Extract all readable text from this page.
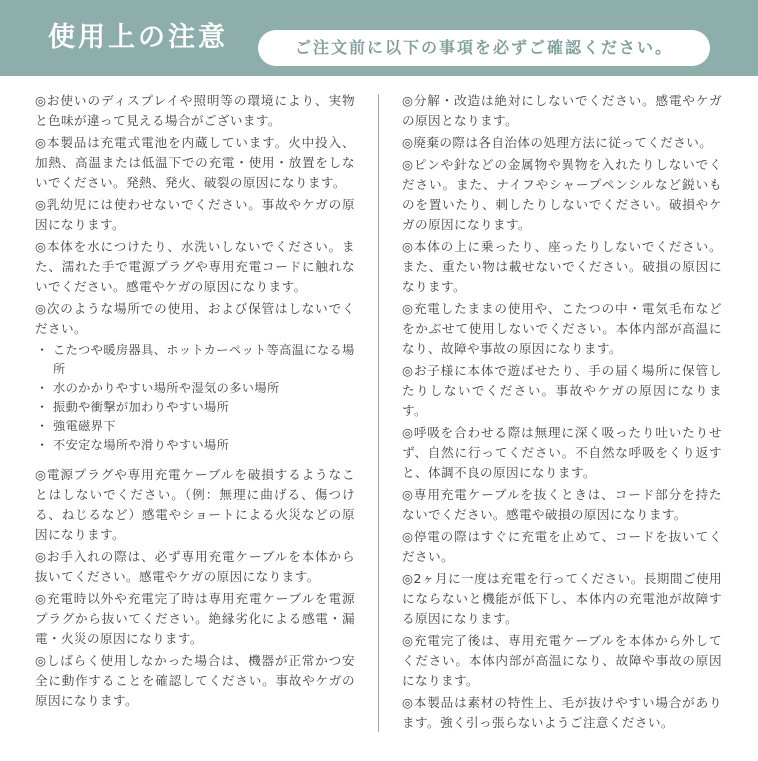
使用上の注意	ご注文前に以下の事項を必ずご確認ください。

◎お使いのディスプレイや照明等の環境により、実物と色味が違って見える場合がございます。

◎本製品は充電式電池を内蔵しています。火中投入、加熱、高温または低温下での充電・使用・放置をしないでください。発熱、発火、破裂の原因になります。

◎乳幼児には使わせないでください。事故やケガの原因になります。

◎本体を水につけたり、水洗いしないでください。また、濡れた手で電源プラグや専用充電コードに触れないでください。感電やケガの原因になります。

◎次のような場所での使用、および保管はしないでください。

・ こたつや暖房器具、ホットカーペット等高温になる場所
・ 水のかかりやすい場所や湿気の多い場所
・ 振動や衝撃が加わりやすい場所
・ 強電磁界下
・ 不安定な場所や滑りやすい場所

◎電源プラグや専用充電ケーブルを破損するようなことはしないでください。（例：無理に曲げる、傷つける、ねじるなど）感電やショートによる火災などの原因になります。

◎お手入れの際は、必ず専用充電ケーブルを本体から抜いてください。感電やケガの原因になります。

◎充電時以外や充電完了時は専用充電ケーブルを電源プラグから抜いてください。絶縁劣化による感電・漏電・火災の原因になります。

◎しばらく使用しなかった場合は、機器が正常かつ安全に動作することを確認してください。事故やケガの原因になります。

◎分解・改造は絶対にしないでください。感電やケガの原因となります。

◎廃棄の際は各自治体の処理方法に従ってください。

◎ピンや針などの金属物や異物を入れたりしないでください。また、ナイフやシャープペンシルなど鋭いものを置いたり、刺したりしないでください。破損やケガの原因になります。

◎本体の上に乗ったり、座ったりしないでください。また、重たい物は載せないでください。破損の原因になります。

◎充電したままの使用や、こたつの中・電気毛布などをかぶせて使用しないでください。本体内部が高温になり、故障や事故の原因になります。

◎お子様に本体で遊ばせたり、手の届く場所に保管したりしないでください。事故やケガの原因になります。

◎呼吸を合わせる際は無理に深く吸ったり吐いたりせず、自然に行ってください。不自然な呼吸をくり返すと、体調不良の原因になります。

◎専用充電ケーブルを抜くときは、コード部分を持たないでください。感電や破損の原因になります。

◎停電の際はすぐに充電を止めて、コードを抜いてください。

◎2ヶ月に一度は充電を行ってください。長期間ご使用にならないと機能が低下し、本体内の充電池が故障する原因になります。

◎充電完了後は、専用充電ケーブルを本体から外してください。本体内部が高温になり、故障や事故の原因になります。

◎本製品は素材の特性上、毛が抜けやすい場合があります。強く引っ張らないようご注意ください。
